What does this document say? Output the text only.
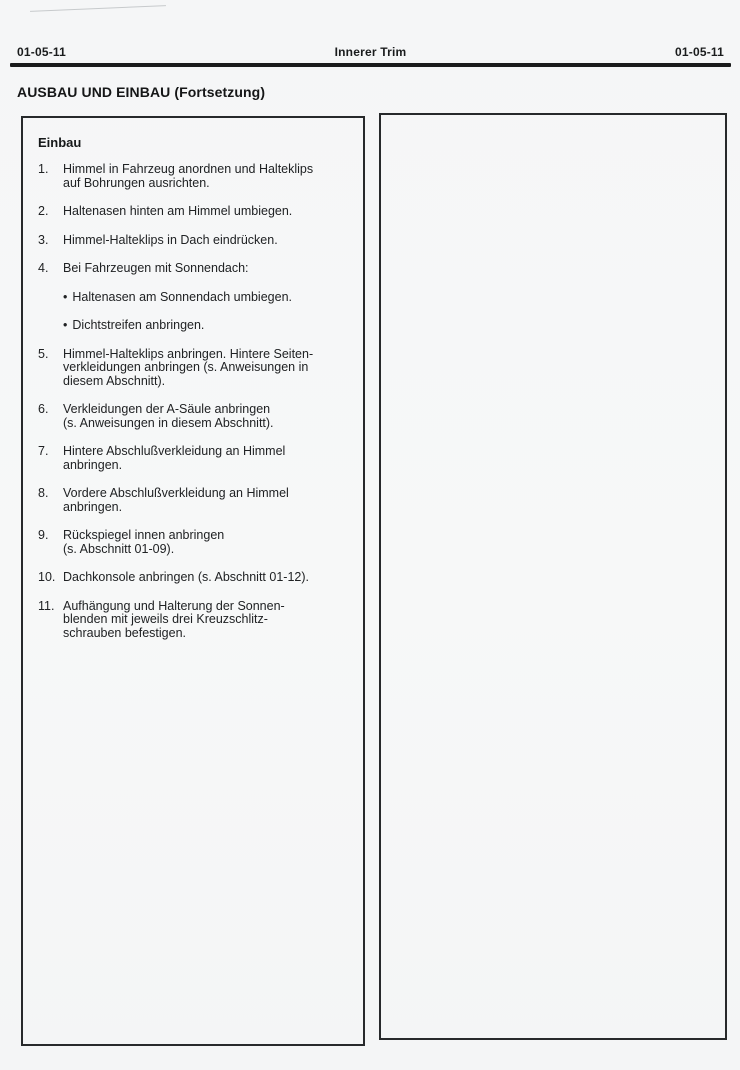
01-05-11	Innerer Trim	01-05-11
AUSBAU UND EINBAU (Fortsetzung)
Einbau
1.	Himmel in Fahrzeug anordnen und Halteklips
auf Bohrungen ausrichten.
2.	Haltenasen hinten am Himmel umbiegen.
3.	Himmel-Halteklips in Dach eindrücken.
4.	Bei Fahrzeugen mit Sonnendach:
• Haltenasen am Sonnendach umbiegen.
• Dichtstreifen anbringen.
5.	Himmel-Halteklips anbringen. Hintere Seiten-
verkleidungen anbringen (s. Anweisungen in
diesem Abschnitt).
6.	Verkleidungen der A-Säule anbringen
(s. Anweisungen in diesem Abschnitt).
7.	Hintere Abschlußverkleidung an Himmel
anbringen.
8.	Vordere Abschlußverkleidung an Himmel
anbringen.
9.	Rückspiegel innen anbringen
(s. Abschnitt 01-09).
10. Dachkonsole anbringen (s. Abschnitt 01-12).
11. Aufhängung und Halterung der Sonnen-
blenden mit jeweils drei Kreuzschlitz-
schrauben befestigen.
